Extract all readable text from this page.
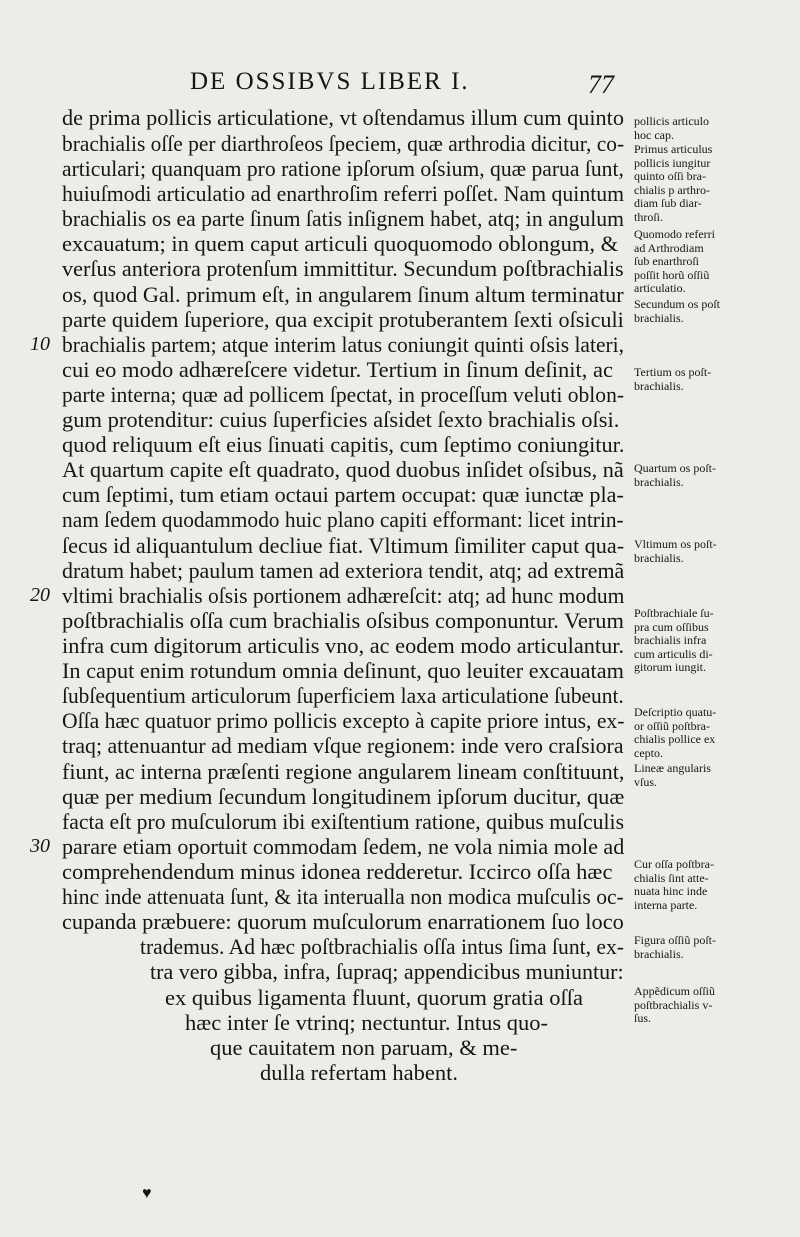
DE OSSIBVS LIBER I.	77
de prima pollicis articulatione, vt oſtendamus illum cum quinto
brachialis oſſe per diarthroſeos ſpeciem, quæ arthrodia dicitur, co-
articulari; quanquam pro ratione ipſorum oſsium, quæ parua ſunt,
huiuſmodi articulatio ad enarthroſim referri poſſet. Nam quintum
brachialis os ea parte ſinum ſatis inſignem habet, atq; in angulum
excauatum; in quem caput articuli quoquomodo oblongum, &
verſus anteriora protenſum immittitur. Secundum poſtbrachialis
os, quod Gal. primum eſt, in angularem ſinum altum terminatur
parte quidem ſuperiore, qua excipit protuberantem ſexti oſsiculi
brachialis partem; atque interim latus coniungit quinti oſsis lateri,
cui eo modo adhæreſcere videtur. Tertium in ſinum deſinit, ac
parte interna; quæ ad pollicem ſpectat, in proceſſum veluti oblon-
gum protenditur: cuius ſuperficies aſsidet ſexto brachialis oſsi.
quod reliquum eſt eius ſinuati capitis, cum ſeptimo coniungitur.
At quartum capite eſt quadrato, quod duobus inſidet oſsibus, nã
cum ſeptimi, tum etiam octaui partem occupat: quæ iunctæ pla-
nam ſedem quodammodo huic plano capiti efformant: licet intrin-
ſecus id aliquantulum decliue fiat. Vltimum ſimiliter caput qua-
dratum habet; paulum tamen ad exteriora tendit, atq; ad extremã
vltimi brachialis oſsis portionem adhæreſcit: atq; ad hunc modum
poſtbrachialis oſſa cum brachialis oſsibus componuntur. Verum
infra cum digitorum articulis vno, ac eodem modo articulantur.
In caput enim rotundum omnia deſinunt, quo leuiter excauatam
ſubſequentium articulorum ſuperficiem laxa articulatione ſubeunt.
Oſſa hæc quatuor primo pollicis excepto à capite priore intus, ex-
traq; attenuantur ad mediam vſque regionem: inde vero craſsiora
fiunt, ac interna præſenti regione angularem lineam conſtituunt,
quæ per medium ſecundum longitudinem ipſorum ducitur, quæ
facta eſt pro muſculorum ibi exiſtentium ratione, quibus muſculis
parare etiam oportuit commodam ſedem, ne vola nimia mole ad
comprehendendum minus idonea redderetur. Iccirco oſſa hæc
hinc inde attenuata ſunt, & ita interualla non modica muſculis oc-
cupanda præbuere: quorum muſculorum enarrationem ſuo loco
trademus. Ad hæc poſtbrachialis oſſa intus ſima ſunt, ex-
tra vero gibba, infra, ſupraq; appendicibus muniuntur:
ex quibus ligamenta fluunt, quorum gratia oſſa
hæc inter ſe vtrinq; nectuntur. Intus quo-
que cauitatem non paruam, & me-
dulla refertam habent.
10
20
30
pollicis articulo
hoc cap.
Primus articulus
pollicis iungitur
quinto oſſi bra-
chialis p arthro-
diam ſub diar-
throſi.
Quomodo referri
ad Arthrodiam
ſub enarthroſi
poſſit horũ oſſiũ
articulatio.
Secundum os poſt
brachialis.
Tertium os poſt-
brachialis.
Quartum os poſt-
brachialis.
Vltimum os poſt-
brachialis.
Poſtbrachiale ſu-
pra cum oſſibus
brachialis infra
cum articulis di-
gitorum iungit.
Deſcriptio quatu-
or oſſiũ poſtbra-
chialis pollice ex
cepto.
Lineæ angularis
vſus.
Cur oſſa poſtbra-
chialis ſint atte-
nuata hinc inde
interna parte.
Figura oſſiũ poſt-
brachialis.
Appẽdicum oſſiũ
poſtbrachialis v-
ſus.
♥
